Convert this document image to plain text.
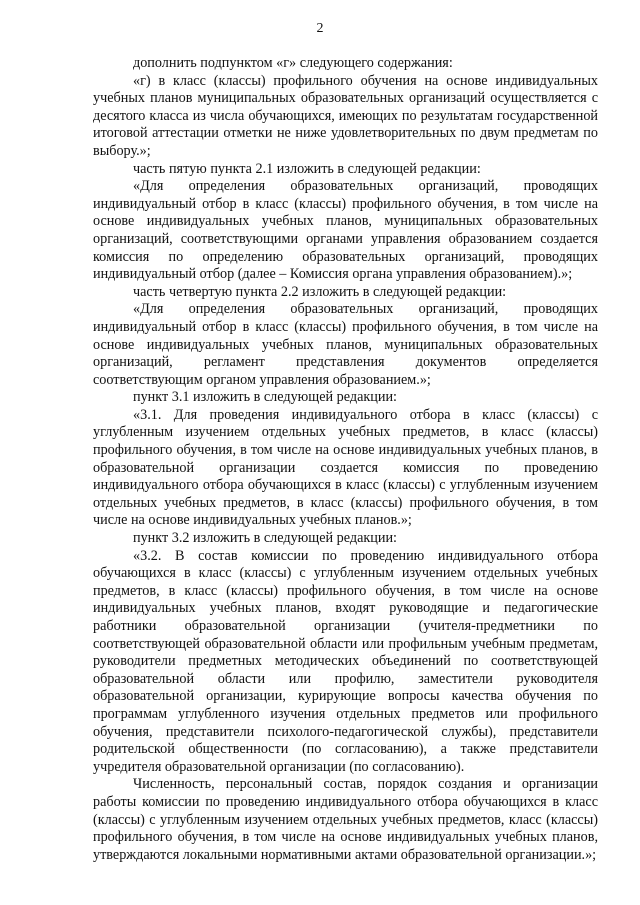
2

дополнить подпунктом «г» следующего содержания:

«г) в класс (классы) профильного обучения на основе индивидуальных учебных планов муниципальных образовательных организаций осуществляется с десятого класса из числа обучающихся, имеющих по результатам государственной итоговой аттестации отметки не ниже удовлетворительных по двум предметам по выбору.»;

часть пятую пункта 2.1 изложить в следующей редакции:

«Для определения образовательных организаций, проводящих индивидуальный отбор в класс (классы) профильного обучения, в том числе на основе индивидуальных учебных планов, муниципальных образовательных организаций, соответствующими органами управления образованием создается комиссия по определению образовательных организаций, проводящих индивидуальный отбор (далее – Комиссия органа управления образованием).»;

часть четвертую пункта 2.2 изложить в следующей редакции:

«Для определения образовательных организаций, проводящих индивидуальный отбор в класс (классы) профильного обучения, в том числе на основе индивидуальных учебных планов, муниципальных образовательных организаций, регламент представления документов определяется соответствующим органом управления образованием.»;

пункт 3.1 изложить в следующей редакции:

«3.1. Для проведения индивидуального отбора в класс (классы) с углубленным изучением отдельных учебных предметов, в класс (классы) профильного обучения, в том числе на основе индивидуальных учебных планов, в образовательной организации создается комиссия по проведению индивидуального отбора обучающихся в класс (классы) с углубленным изучением отдельных учебных предметов, в класс (классы) профильного обучения, в том числе на основе индивидуальных учебных планов.»;

пункт 3.2 изложить в следующей редакции:

«3.2. В состав комиссии по проведению индивидуального отбора обучающихся в класс (классы) с углубленным изучением отдельных учебных предметов, в класс (классы) профильного обучения, в том числе на основе индивидуальных учебных планов, входят руководящие и педагогические работники образовательной организации (учителя-предметники по соответствующей образовательной области или профильным учебным предметам, руководители предметных методических объединений по соответствующей образовательной области или профилю, заместители руководителя образовательной организации, курирующие вопросы качества обучения по программам углубленного изучения отдельных предметов или профильного обучения, представители психолого-педагогической службы), представители родительской общественности (по согласованию), а также представители учредителя образовательной организации (по согласованию).

Численность, персональный состав, порядок создания и организации работы комиссии по проведению индивидуального отбора обучающихся в класс (классы) с углубленным изучением отдельных учебных предметов, класс (классы) профильного обучения, в том числе на основе индивидуальных учебных планов, утверждаются локальными нормативными актами образовательной организации.»;
